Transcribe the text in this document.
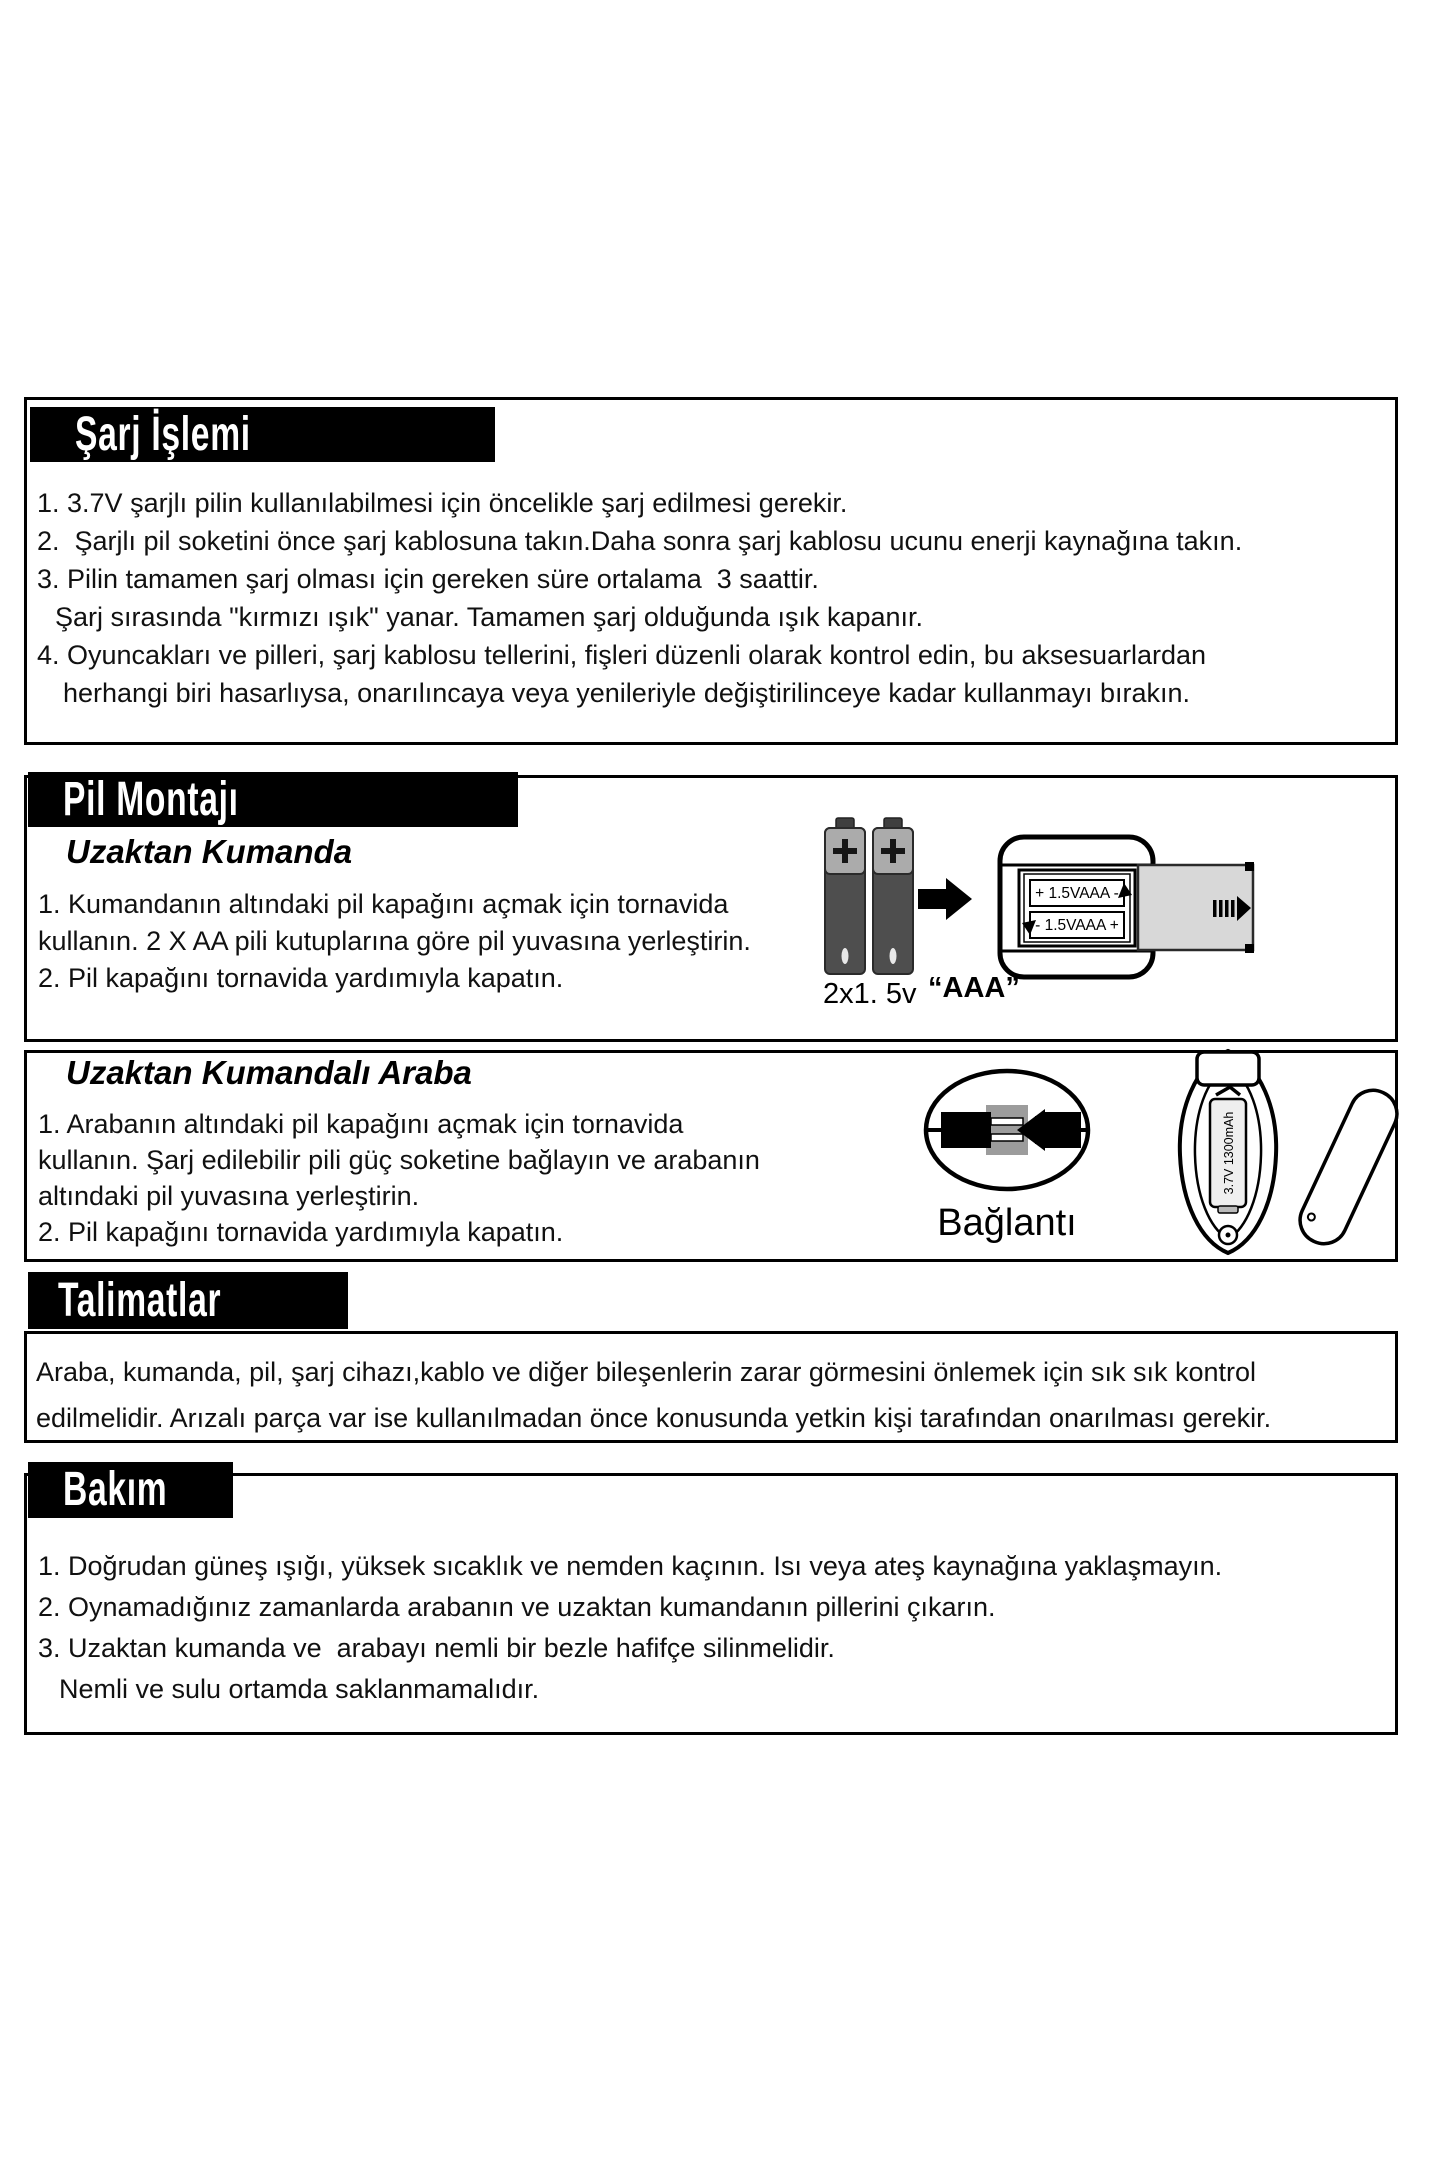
Şarj İşlemi
1. 3.7V şarjlı pilin kullanılabilmesi için öncelikle şarj edilmesi gerekir.
2.  Şarjlı pil soketini önce şarj kablosuna takın.Daha sonra şarj kablosu ucunu enerji kaynağına takın.
3. Pilin tamamen şarj olması için gereken süre ortalama  3 saattir.
Şarj sırasında "kırmızı ışık" yanar. Tamamen şarj olduğunda ışık kapanır.
4. Oyuncakları ve pilleri, şarj kablosu tellerini, fişleri düzenli olarak kontrol edin, bu aksesuarlardan
herhangi biri hasarlıysa, onarılıncaya veya yenileriyle değiştirilinceye kadar kullanmayı bırakın.
Pil Montajı
Uzaktan Kumanda
1. Kumandanın altındaki pil kapağını açmak için tornavida
kullanın. 2 X AA pili kutuplarına göre pil yuvasına yerleştirin.
2. Pil kapağını tornavida yardımıyla kapatın.
+ 1.5VAAA -
- 1.5VAAA +
2x1. 5v “AAA”
Uzaktan Kumandalı Araba
1. Arabanın altındaki pil kapağını açmak için tornavida
kullanın. Şarj edilebilir pili güç soketine bağlayın ve arabanın
altındaki pil yuvasına yerleştirin.
2. Pil kapağını tornavida yardımıyla kapatın.	Bağlantı
3.7V 1300mAh
Talimatlar
Araba, kumanda, pil, şarj cihazı,kablo ve diğer bileşenlerin zarar görmesini önlemek için sık sık kontrol
edilmelidir. Arızalı parça var ise kullanılmadan önce konusunda yetkin kişi tarafından onarılması gerekir.
Bakım
1. Doğrudan güneş ışığı, yüksek sıcaklık ve nemden kaçının. Isı veya ateş kaynağına yaklaşmayın.
2. Oynamadığınız zamanlarda arabanın ve uzaktan kumandanın pillerini çıkarın.
3. Uzaktan kumanda ve  arabayı nemli bir bezle hafifçe silinmelidir.
Nemli ve sulu ortamda saklanmamalıdır.
